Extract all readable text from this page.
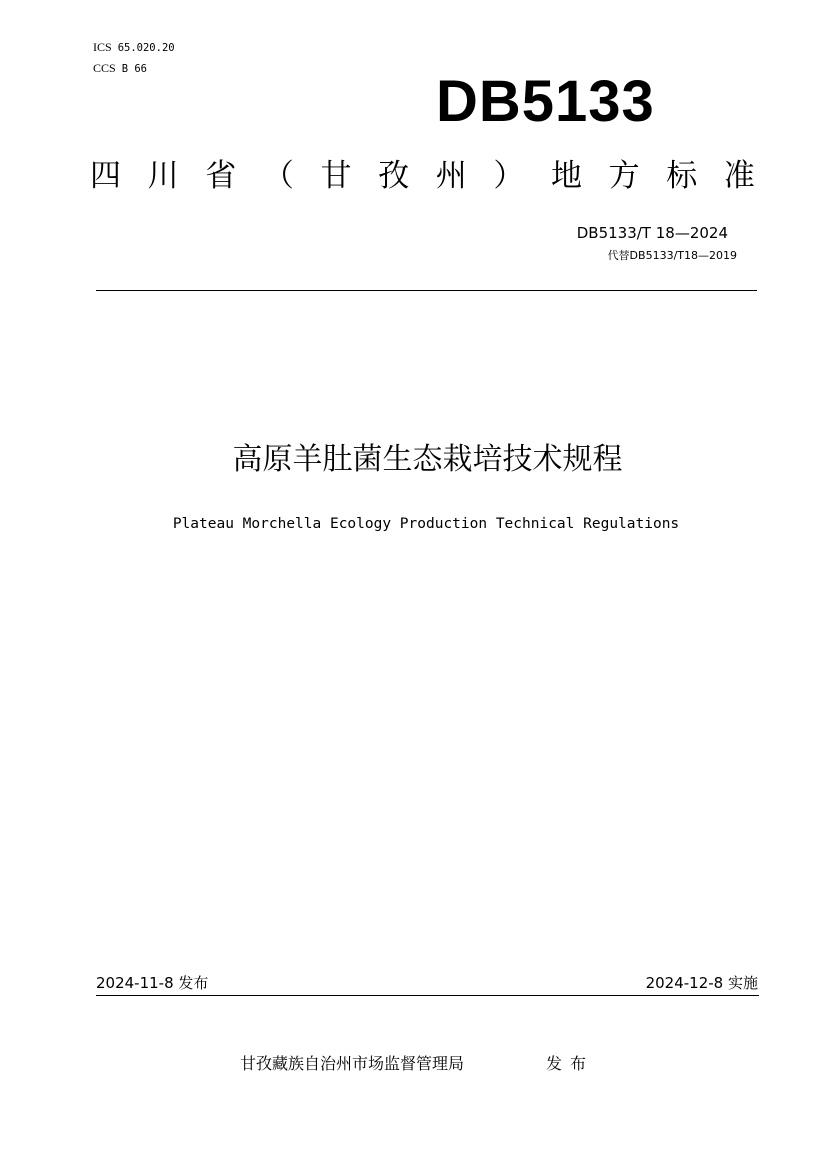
ICS 65.020.20
CCS B 66	DB5133
四 川 省 （ 甘 孜 州 ） 地 方 标 准
DB5133/T 18—2024
代替DB5133/T18—2019
高原羊肚菌生态栽培技术规程
Plateau Morchella Ecology Production Technical Regulations
2024-11-8 发布	2024-12-8 实施
甘孜藏族自治州市场监督管理局	发布
